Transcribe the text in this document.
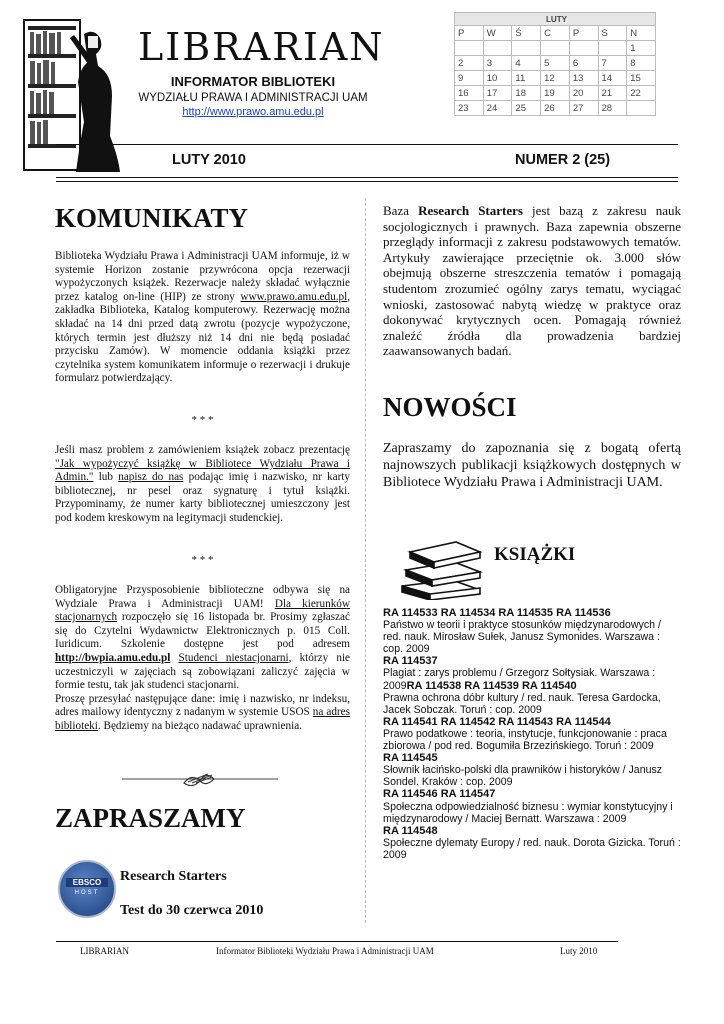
LIBRARIAN
INFORMATOR BIBLIOTEKI
WYDZIAŁU PRAWA I ADMINISTRACJI UAM
http://www.prawo.amu.edu.pl
LUTY						
P	W	Ś	C	P	S	N
						1
2	3	4	5	6	7	8
9	10	11	12	13	14	15
16	17	18	19	20	21	22
23	24	25	26	27	28	
LUTY 2010	NUMER 2 (25)
KOMUNIKATY
Biblioteka Wydziału Prawa i Administracji UAM informuje, iż w systemie Horizon zostanie przywrócona opcja rezerwacji wypożyczonych książek. Rezerwacje należy składać wyłącznie przez katalog on-line (HIP) ze strony www.prawo.amu.edu.pl, zakładka Biblioteka, Katalog komputerowy. Rezerwację można składać na 14 dni przed datą zwrotu (pozycje wypożyczone, których termin jest dłuższy niż 14 dni nie będą posiadać przycisku Zamów). W momencie oddania książki przez czytelnika system komunikatem informuje o rezerwacji i drukuje formularz potwierdzający.
* * *
Jeśli masz problem z zamówieniem książek zobacz prezentację "Jak wypożyczyć książkę w Bibliotece Wydziału Prawa i Admin." lub napisz do nas podając imię i nazwisko, nr karty bibliotecznej, nr pesel oraz sygnaturę i tytuł książki. Przypominamy, że numer karty bibliotecznej umieszczony jest pod kodem kreskowym na legitymacji studenckiej.
* * *
Obligatoryjne Przysposobienie biblioteczne odbywa się na Wydziale Prawa i Administracji UAM! Dla kierunków stacjonarnych rozpoczęło się 16 listopada br. Prosimy zgłaszać się do Czytelni Wydawnictw Elektronicznych p. 015 Coll. Iuridicum. Szkolenie dostępne jest pod adresem http://bwpia.amu.edu.pl Studenci niestacjonarni, którzy nie uczestniczyli w zajęciach są zobowiązani zaliczyć zajęcia w formie testu, tak jak studenci stacjonarni.
Proszę przesyłać następujące dane: imię i nazwisko, nr indeksu, adres mailowy identyczny z nadanym w systemie USOS na adres biblioteki. Będziemy na bieżąco nadawać uprawnienia.
ZAPRASZAMY
EBSCO
HOST
Research Starters
Test do 30 czerwca 2010
Baza Research Starters jest bazą z zakresu nauk socjologicznych i prawnych. Baza zapewnia obszerne przeglądy informacji z zakresu podstawowych tematów. Artykuły zawierające przeciętnie ok. 3.000 słów obejmują obszerne streszczenia tematów i pomagają studentom zrozumieć ogólny zarys tematu, wyciągać wnioski, zastosować nabytą wiedzę w praktyce oraz dokonywać krytycznych ocen. Pomagają również znaleźć źródła dla prowadzenia bardziej zaawansowanych badań.
NOWOŚCI
Zapraszamy do zapoznania się z bogatą ofertą najnowszych publikacji książkowych dostępnych w Bibliotece Wydziału Prawa i Administracji UAM.
KSIĄŻKI
RA 114533 RA 114534 RA 114535 RA 114536
Państwo w teorii i praktyce stosunków międzynarodowych / red. nauk. Mirosław Sułek, Janusz Symonides. Warszawa : cop. 2009
RA 114537
Plagiat : zarys problemu / Grzegorz Sołtysiak. Warszawa : 2009RA 114538 RA 114539 RA 114540
Prawna ochrona dóbr kultury / red. nauk. Teresa Gardocka, Jacek Sobczak. Toruń : cop. 2009
RA 114541 RA 114542 RA 114543 RA 114544
Prawo podatkowe : teoria, instytucje, funkcjonowanie : praca zbiorowa / pod red. Bogumiła Brzezińskiego. Toruń : 2009
RA 114545
Słownik łacińsko-polski dla prawników i historyków / Janusz Sondel. Kraków : cop. 2009
RA 114546 RA 114547
Społeczna odpowiedzialność biznesu : wymiar konstytucyjny i międzynarodowy / Maciej Bernatt. Warszawa : 2009
RA 114548
Społeczne dylematy Europy / red. nauk. Dorota Gizicka. Toruń : 2009
LIBRARIAN	Informator Biblioteki Wydziału Prawa i Administracji UAM	Luty 2010
